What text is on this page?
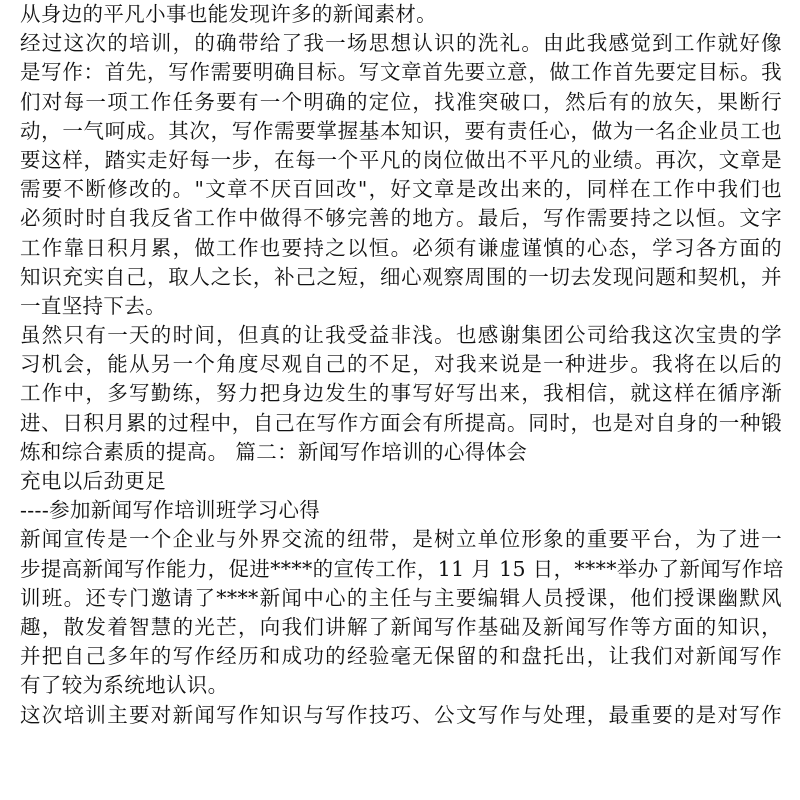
从身边的平凡小事也能发现许多的新闻素材。
经过这次的培训，的确带给了我一场思想认识的洗礼。由此我感觉到工作就好像
是写作：首先，写作需要明确目标。写文章首先要立意，做工作首先要定目标。我
们对每一项工作任务要有一个明确的定位，找准突破口，然后有的放矢，果断行
动，一气呵成。其次，写作需要掌握基本知识，要有责任心，做为一名企业员工也
要这样，踏实走好每一步，在每一个平凡的岗位做出不平凡的业绩。再次，文章是
需要不断修改的。"文章不厌百回改"，好文章是改出来的，同样在工作中我们也
必须时时自我反省工作中做得不够完善的地方。最后，写作需要持之以恒。文字
工作靠日积月累，做工作也要持之以恒。必须有谦虚谨慎的心态，学习各方面的
知识充实自己，取人之长，补己之短，细心观察周围的一切去发现问题和契机，并
一直坚持下去。
虽然只有一天的时间，但真的让我受益非浅。也感谢集团公司给我这次宝贵的学
习机会，能从另一个角度尽观自己的不足，对我来说是一种进步。我将在以后的
工作中，多写勤练，努力把身边发生的事写好写出来，我相信，就这样在循序渐
进、日积月累的过程中，自己在写作方面会有所提高。同时，也是对自身的一种锻
炼和综合素质的提高。 篇二：新闻写作培训的心得体会
充电以后劲更足
----参加新闻写作培训班学习心得
新闻宣传是一个企业与外界交流的纽带，是树立单位形象的重要平台，为了进一
步提高新闻写作能力，促进****的宣传工作，11 月 15 日，****举办了新闻写作培
训班。还专门邀请了****新闻中心的主任与主要编辑人员授课，他们授课幽默风
趣，散发着智慧的光芒，向我们讲解了新闻写作基础及新闻写作等方面的知识，
并把自己多年的写作经历和成功的经验毫无保留的和盘托出，让我们对新闻写作
有了较为系统地认识。
这次培训主要对新闻写作知识与写作技巧、公文写作与处理，最重要的是对写作
